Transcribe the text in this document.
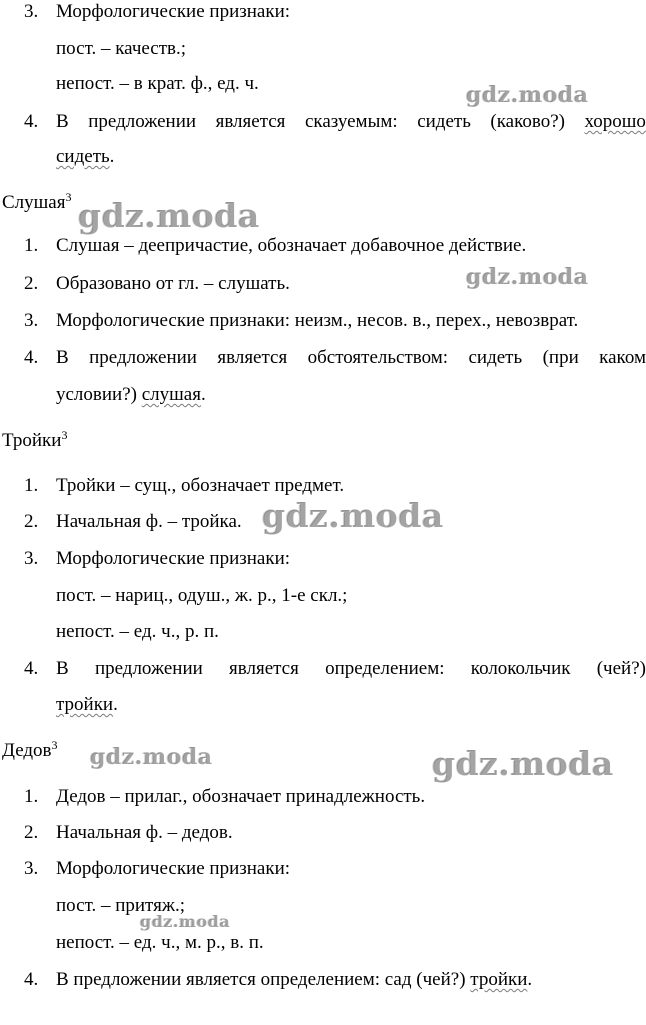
3. Морфологические признаки:
пост. – качеств.;
непост. – в крат. ф., ед. ч.
4. В предложении является сказуемым: сидеть (каково?) хорошо
сидеть.
Слушая$^3$
1. Слушая – деепричастие, обозначает добавочное действие.
2. Образовано от гл. – слушать.
3. Морфологические признаки: неизм., несов. в., перех., невозврат.
4. В предложении является обстоятельством: сидеть (при каком
условии?) слушая.
Тройки$^3$
1. Тройки – сущ., обозначает предмет.
2. Начальная ф. – тройка.
3. Морфологические признаки:
пост. – нариц., одуш., ж. р., 1-е скл.;
непост. – ед. ч., р. п.
4. В предложении является определением: колокольчик (чей?)
тройки.
Дедов$^3$
1. Дедов – прилаг., обозначает принадлежность.
2. Начальная ф. – дедов.
3. Морфологические признаки:
пост. – притяж.;
непост. – ед. ч., м. р., в. п.
4. В предложении является определением: сад (чей?) тройки.
gdz.moda
gdz.moda
gdz.moda
gdz.moda
gdz.moda	gdz.moda
gdz.moda
